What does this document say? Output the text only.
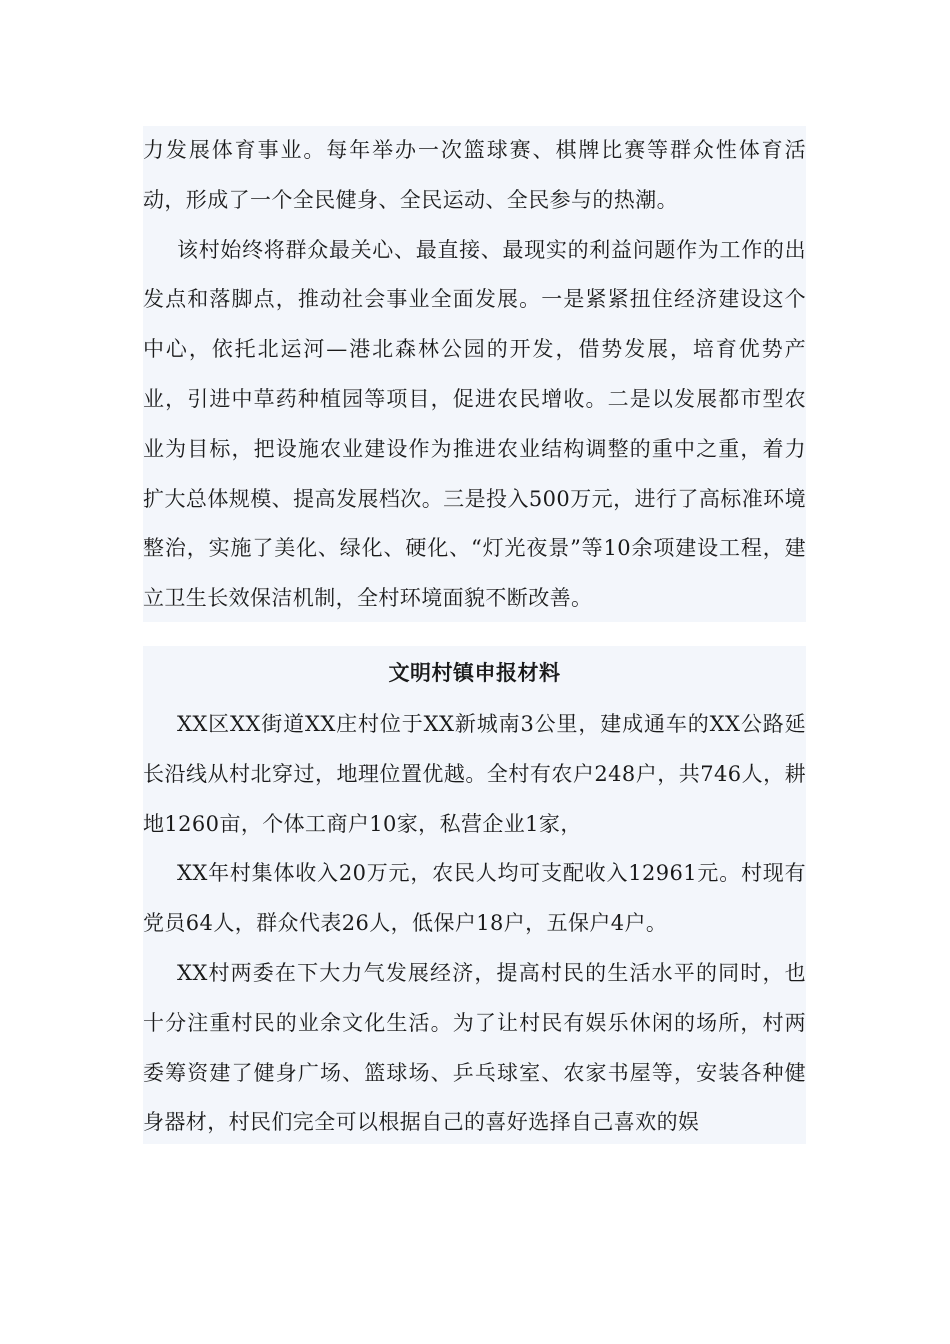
力发展体育事业。每年举办一次篮球赛、棋牌比赛等群众性体育活动，形成了一个全民健身、全民运动、全民参与的热潮。

该村始终将群众最关心、最直接、最现实的利益问题作为工作的出发点和落脚点，推动社会事业全面发展。一是紧紧扭住经济建设这个中心，依托北运河—港北森林公园的开发，借势发展，培育优势产业，引进中草药种植园等项目，促进农民增收。二是以发展都市型农业为目标，把设施农业建设作为推进农业结构调整的重中之重，着力扩大总体规模、提高发展档次。三是投入500万元，进行了高标准环境整治，实施了美化、绿化、硬化、“灯光夜景”等10余项建设工程，建立卫生长效保洁机制，全村环境面貌不断改善。

文明村镇申报材料

XX区XX街道XX庄村位于XX新城南3公里，建成通车的XX公路延长沿线从村北穿过，地理位置优越。全村有农户248户，共746人，耕地1260亩，个体工商户10家，私营企业1家，

XX年村集体收入20万元，农民人均可支配收入12961元。村现有党员64人，群众代表26人，低保户18户，五保户4户。

XX村两委在下大力气发展经济，提高村民的生活水平的同时，也十分注重村民的业余文化生活。为了让村民有娱乐休闲的场所，村两委筹资建了健身广场、篮球场、乒乓球室、农家书屋等，安装各种健身器材，村民们完全可以根据自己的喜好选择自己喜欢的娱
